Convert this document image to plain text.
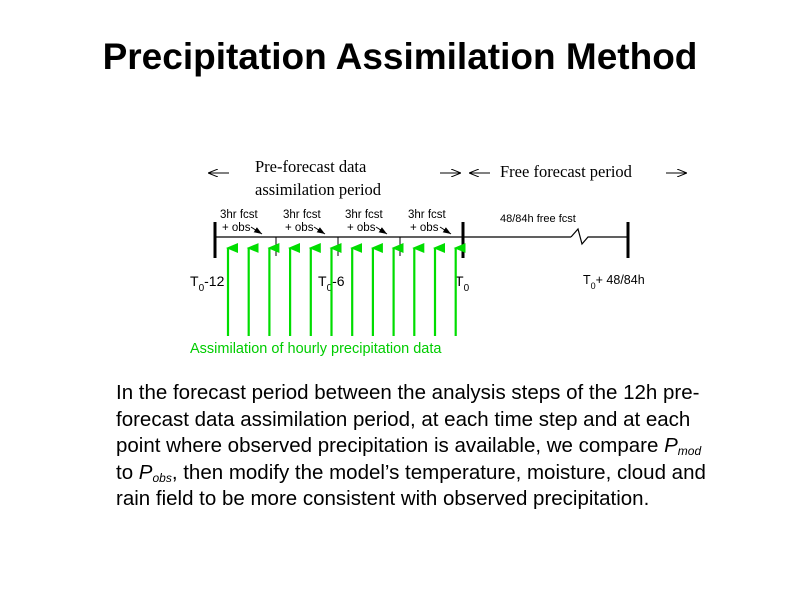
Precipitation Assimilation Method
Pre-forecast data
assimilation period
Free forecast period
3hr fcst
+ obs
3hr fcst
+ obs
3hr fcst
+ obs
3hr fcst
+ obs
48/84h free fcst
$T_0-12$	$T_0-6$	$T_0$
$T_0+ 48/84h$
Assimilation of hourly precipitation data
In the forecast period between the analysis steps of the 12h pre-forecast data assimilation period, at each time step and at each point where observed precipitation is available, we compare $P_{mod}$ to $P_{obs}$, then modify the model’s temperature, moisture, cloud and rain field to be more consistent with observed precipitation.
